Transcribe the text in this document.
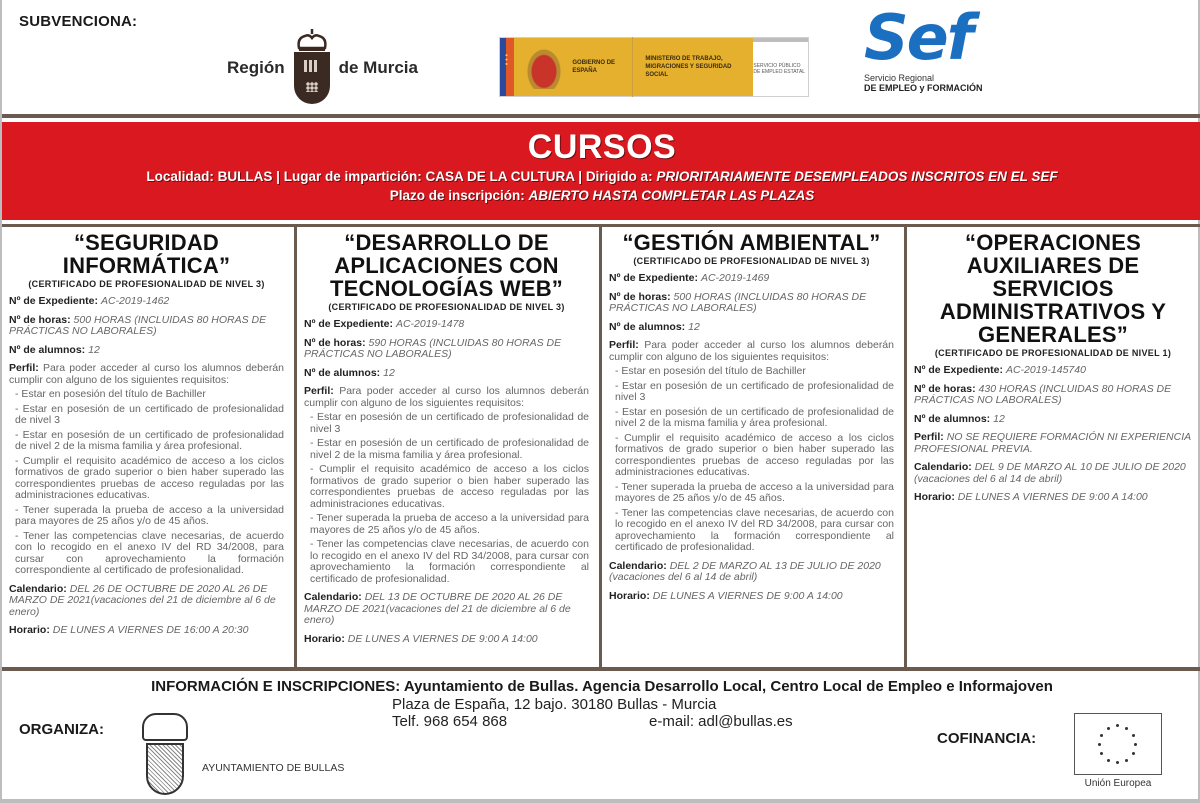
SUBVENCIONA:
Región	de Murcia • • •	GOBIERNO DE ESPAÑA
MINISTERIO DE TRABAJO, MIGRACIONES Y SEGURIDAD SOCIAL
SERVICIO PÚBLICO DE EMPLEO ESTATAL Sef
Servicio Regional
DE EMPLEO y FORMACIÓN
CURSOS
Localidad: BULLAS | Lugar de impartición: CASA DE LA CULTURA | Dirigido a: PRIORITARIAMENTE DESEMPLEADOS INSCRITOS EN EL SEF
Plazo de inscripción: ABIERTO HASTA COMPLETAR LAS PLAZAS
“SEGURIDAD INFORMÁTICA”
(CERTIFICADO DE PROFESIONALIDAD DE NIVEL 3)
Nº de Expediente: AC-2019-1462
Nº de horas: 500 HORAS (INCLUIDAS 80 HORAS DE PRÁCTICAS NO LABORALES)
Nº de alumnos: 12
Perfil: Para poder acceder al curso los alumnos deberán cumplir con alguno de los siguientes requisitos:
- Estar en posesión del título de Bachiller
- Estar en posesión de un certificado de profesionalidad de nivel 3
- Estar en posesión de un certificado de profesionalidad de nivel 2 de la misma familia y área profesional.
- Cumplir el requisito académico de acceso a los ciclos formativos de grado superior o bien haber superado las correspondientes pruebas de acceso reguladas por las administraciones educativas.
- Tener superada la prueba de acceso a la universidad para mayores de 25 años y/o de 45 años.
- Tener las competencias clave necesarias, de acuerdo con lo recogido en el anexo IV del RD 34/2008, para cursar con aprovechamiento la formación correspondiente al certificado de profesionalidad.
Calendario: DEL 26 DE OCTUBRE DE 2020 AL 26 DE MARZO DE 2021(vacaciones del 21 de diciembre al 6 de enero)
Horario: DE LUNES A VIERNES DE 16:00 A 20:30
“DESARROLLO DE APLICACIONES CON TECNOLOGÍAS WEB”
(CERTIFICADO DE PROFESIONALIDAD DE NIVEL 3)
Nº de Expediente: AC-2019-1478
Nº de horas: 590 HORAS (INCLUIDAS 80 HORAS DE PRÁCTICAS NO LABORALES)
Nº de alumnos: 12
Perfil: Para poder acceder al curso los alumnos deberán cumplir con alguno de los siguientes requisitos:
- Estar en posesión de un certificado de profesionalidad de nivel 3
- Estar en posesión de un certificado de profesionalidad de nivel 2 de la misma familia y área profesional.
- Cumplir el requisito académico de acceso a los ciclos formativos de grado superior o bien haber superado las correspondientes pruebas de acceso reguladas por las administraciones educativas.
- Tener superada la prueba de acceso a la universidad para mayores de 25 años y/o de 45 años.
- Tener las competencias clave necesarias, de acuerdo con lo recogido en el anexo IV del RD 34/2008, para cursar con aprovechamiento la formación correspondiente al certificado de profesionalidad.
Calendario: DEL 13 DE OCTUBRE DE 2020 AL 26 DE MARZO DE 2021(vacaciones del 21 de diciembre al 6 de enero)
Horario: DE LUNES A VIERNES DE 9:00 A 14:00
“GESTIÓN AMBIENTAL”
(CERTIFICADO DE PROFESIONALIDAD DE NIVEL 3)
Nº de Expediente: AC-2019-1469
Nº de horas: 500 HORAS (INCLUIDAS 80 HORAS DE PRÁCTICAS NO LABORALES)
Nº de alumnos: 12
Perfil: Para poder acceder al curso los alumnos deberán cumplir con alguno de los siguientes requisitos:
- Estar en posesión del título de Bachiller
- Estar en posesión de un certificado de profesionalidad de nivel 3
- Estar en posesión de un certificado de profesionalidad de nivel 2 de la misma familia y área profesional.
- Cumplir el requisito académico de acceso a los ciclos formativos de grado superior o bien haber superado las correspondientes pruebas de acceso reguladas por las administraciones educativas.
- Tener superada la prueba de acceso a la universidad para mayores de 25 años y/o de 45 años.
- Tener las competencias clave necesarias, de acuerdo con lo recogido en el anexo IV del RD 34/2008, para cursar con aprovechamiento la formación correspondiente al certificado de profesionalidad.
Calendario: DEL 2 DE MARZO AL 13 DE JULIO DE 2020 (vacaciones del 6 al 14 de abril)
Horario: DE LUNES A VIERNES DE 9:00 A 14:00
“OPERACIONES AUXILIARES DE SERVICIOS ADMINISTRATIVOS Y GENERALES”
(CERTIFICADO DE PROFESIONALIDAD DE NIVEL 1)
Nº de Expediente: AC-2019-145740
Nº de horas: 430 HORAS (INCLUIDAS 80 HORAS DE PRÁCTICAS NO LABORALES)
Nº de alumnos: 12
Perfil: NO SE REQUIERE FORMACIÓN NI EXPERIENCIA PROFESIONAL PREVIA.
Calendario: DEL 9 DE MARZO AL 10 DE JULIO DE 2020 (vacaciones del 6 al 14 de abril)
Horario: DE LUNES A VIERNES DE 9:00 A 14:00
INFORMACIÓN E INSCRIPCIONES: Ayuntamiento de Bullas. Agencia Desarrollo Local, Centro Local de Empleo e Informajoven
Plaza de España, 12 bajo. 30180 Bullas - Murcia
Telf. 968 654 868	e-mail: adl@bullas.es
ORGANIZA:
AYUNTAMIENTO DE BULLAS
COFINANCIA:
Unión Europea
